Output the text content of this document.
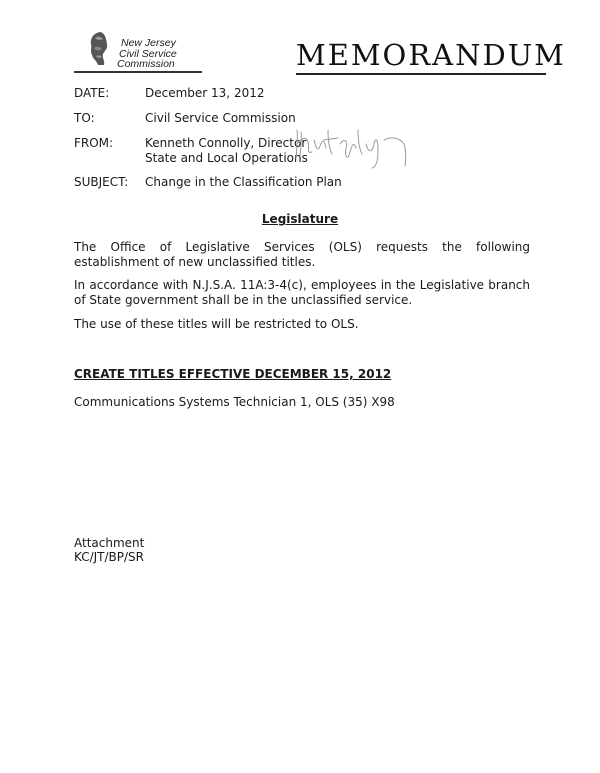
New Jersey
Civil Service
Commission	MEMORANDUM
DATE:	December 13, 2012
TO:	Civil Service Commission
FROM:	Kenneth Connolly, Director
State and Local Operations
SUBJECT: Change in the Classification Plan
Legislature
The Office of Legislative Services (OLS) requests the following establishment of new unclassified titles.
In accordance with N.J.S.A. 11A:3-4(c), employees in the Legislative branch of State government shall be in the unclassified service.
The use of these titles will be restricted to OLS.
CREATE TITLES EFFECTIVE DECEMBER 15, 2012
Communications Systems Technician 1, OLS (35) X98
Attachment
KC/JT/BP/SR
